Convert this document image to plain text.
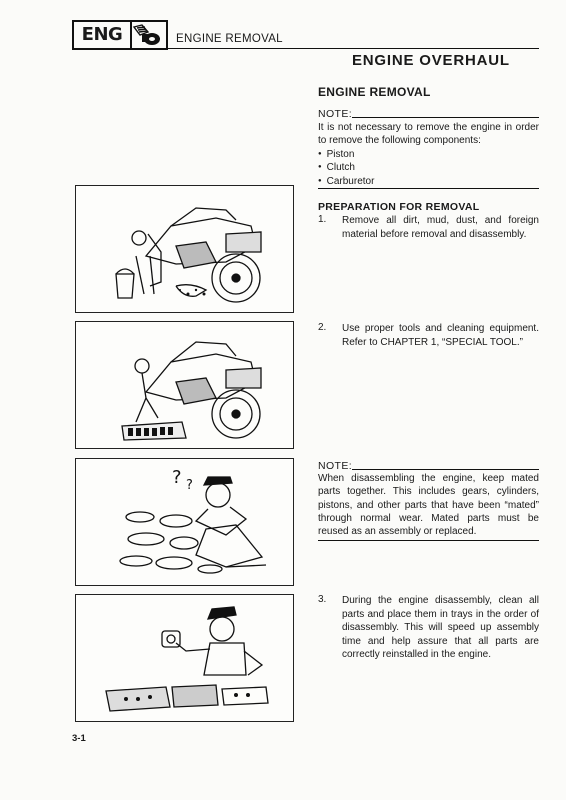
ENG	ENGINE REMOVAL
ENGINE OVERHAUL
ENGINE REMOVAL
NOTE:
It is not necessary to remove the engine in order to remove the following components:
● Piston
● Clutch
● Carburetor
PREPARATION FOR REMOVAL
1. Remove all dirt, mud, dust, and foreign material before removal and disassembly.
2. Use proper tools and cleaning equipment. Refer to CHAPTER 1, “SPECIAL TOOL.”
NOTE:
When disassembling the engine, keep mated parts together. This includes gears, cylinders, pistons, and other parts that have been “mated” through normal wear. Mated parts must be reused as an assembly or replaced.
3. During the engine disassembly, clean all parts and place them in trays in the order of disassembly. This will speed up assembly time and help assure that all parts are correctly reinstalled in the engine.
? ?
3-1
